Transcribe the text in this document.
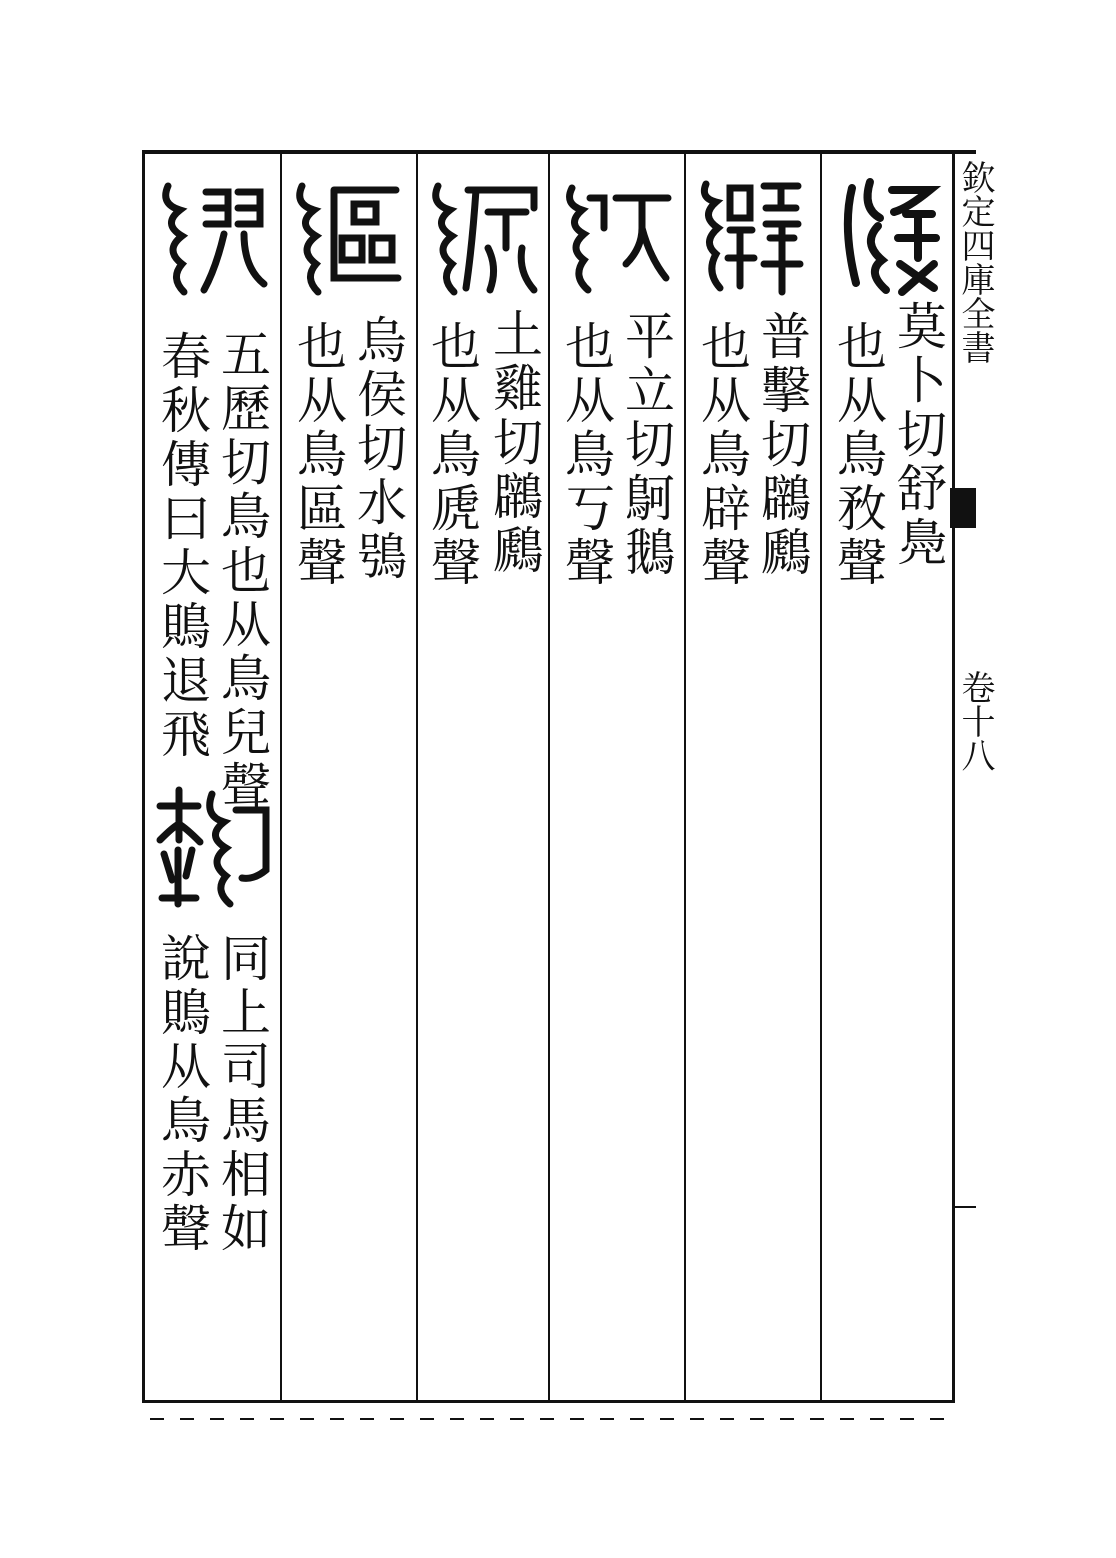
欽定四庫全書
卷十八
莫卜切舒鳧
也从鳥敄聲
普擊切鸊鷉
也从鳥辟聲
平立切鴚鵝
也从鳥丂聲
土雞切鸊鷉
也从鳥虒聲
烏侯切水鴞
也从鳥區聲
五歷切鳥也从鳥兒聲
春秋傳曰大鵙退飛
同上司馬相如
說鵙从鳥赤聲
